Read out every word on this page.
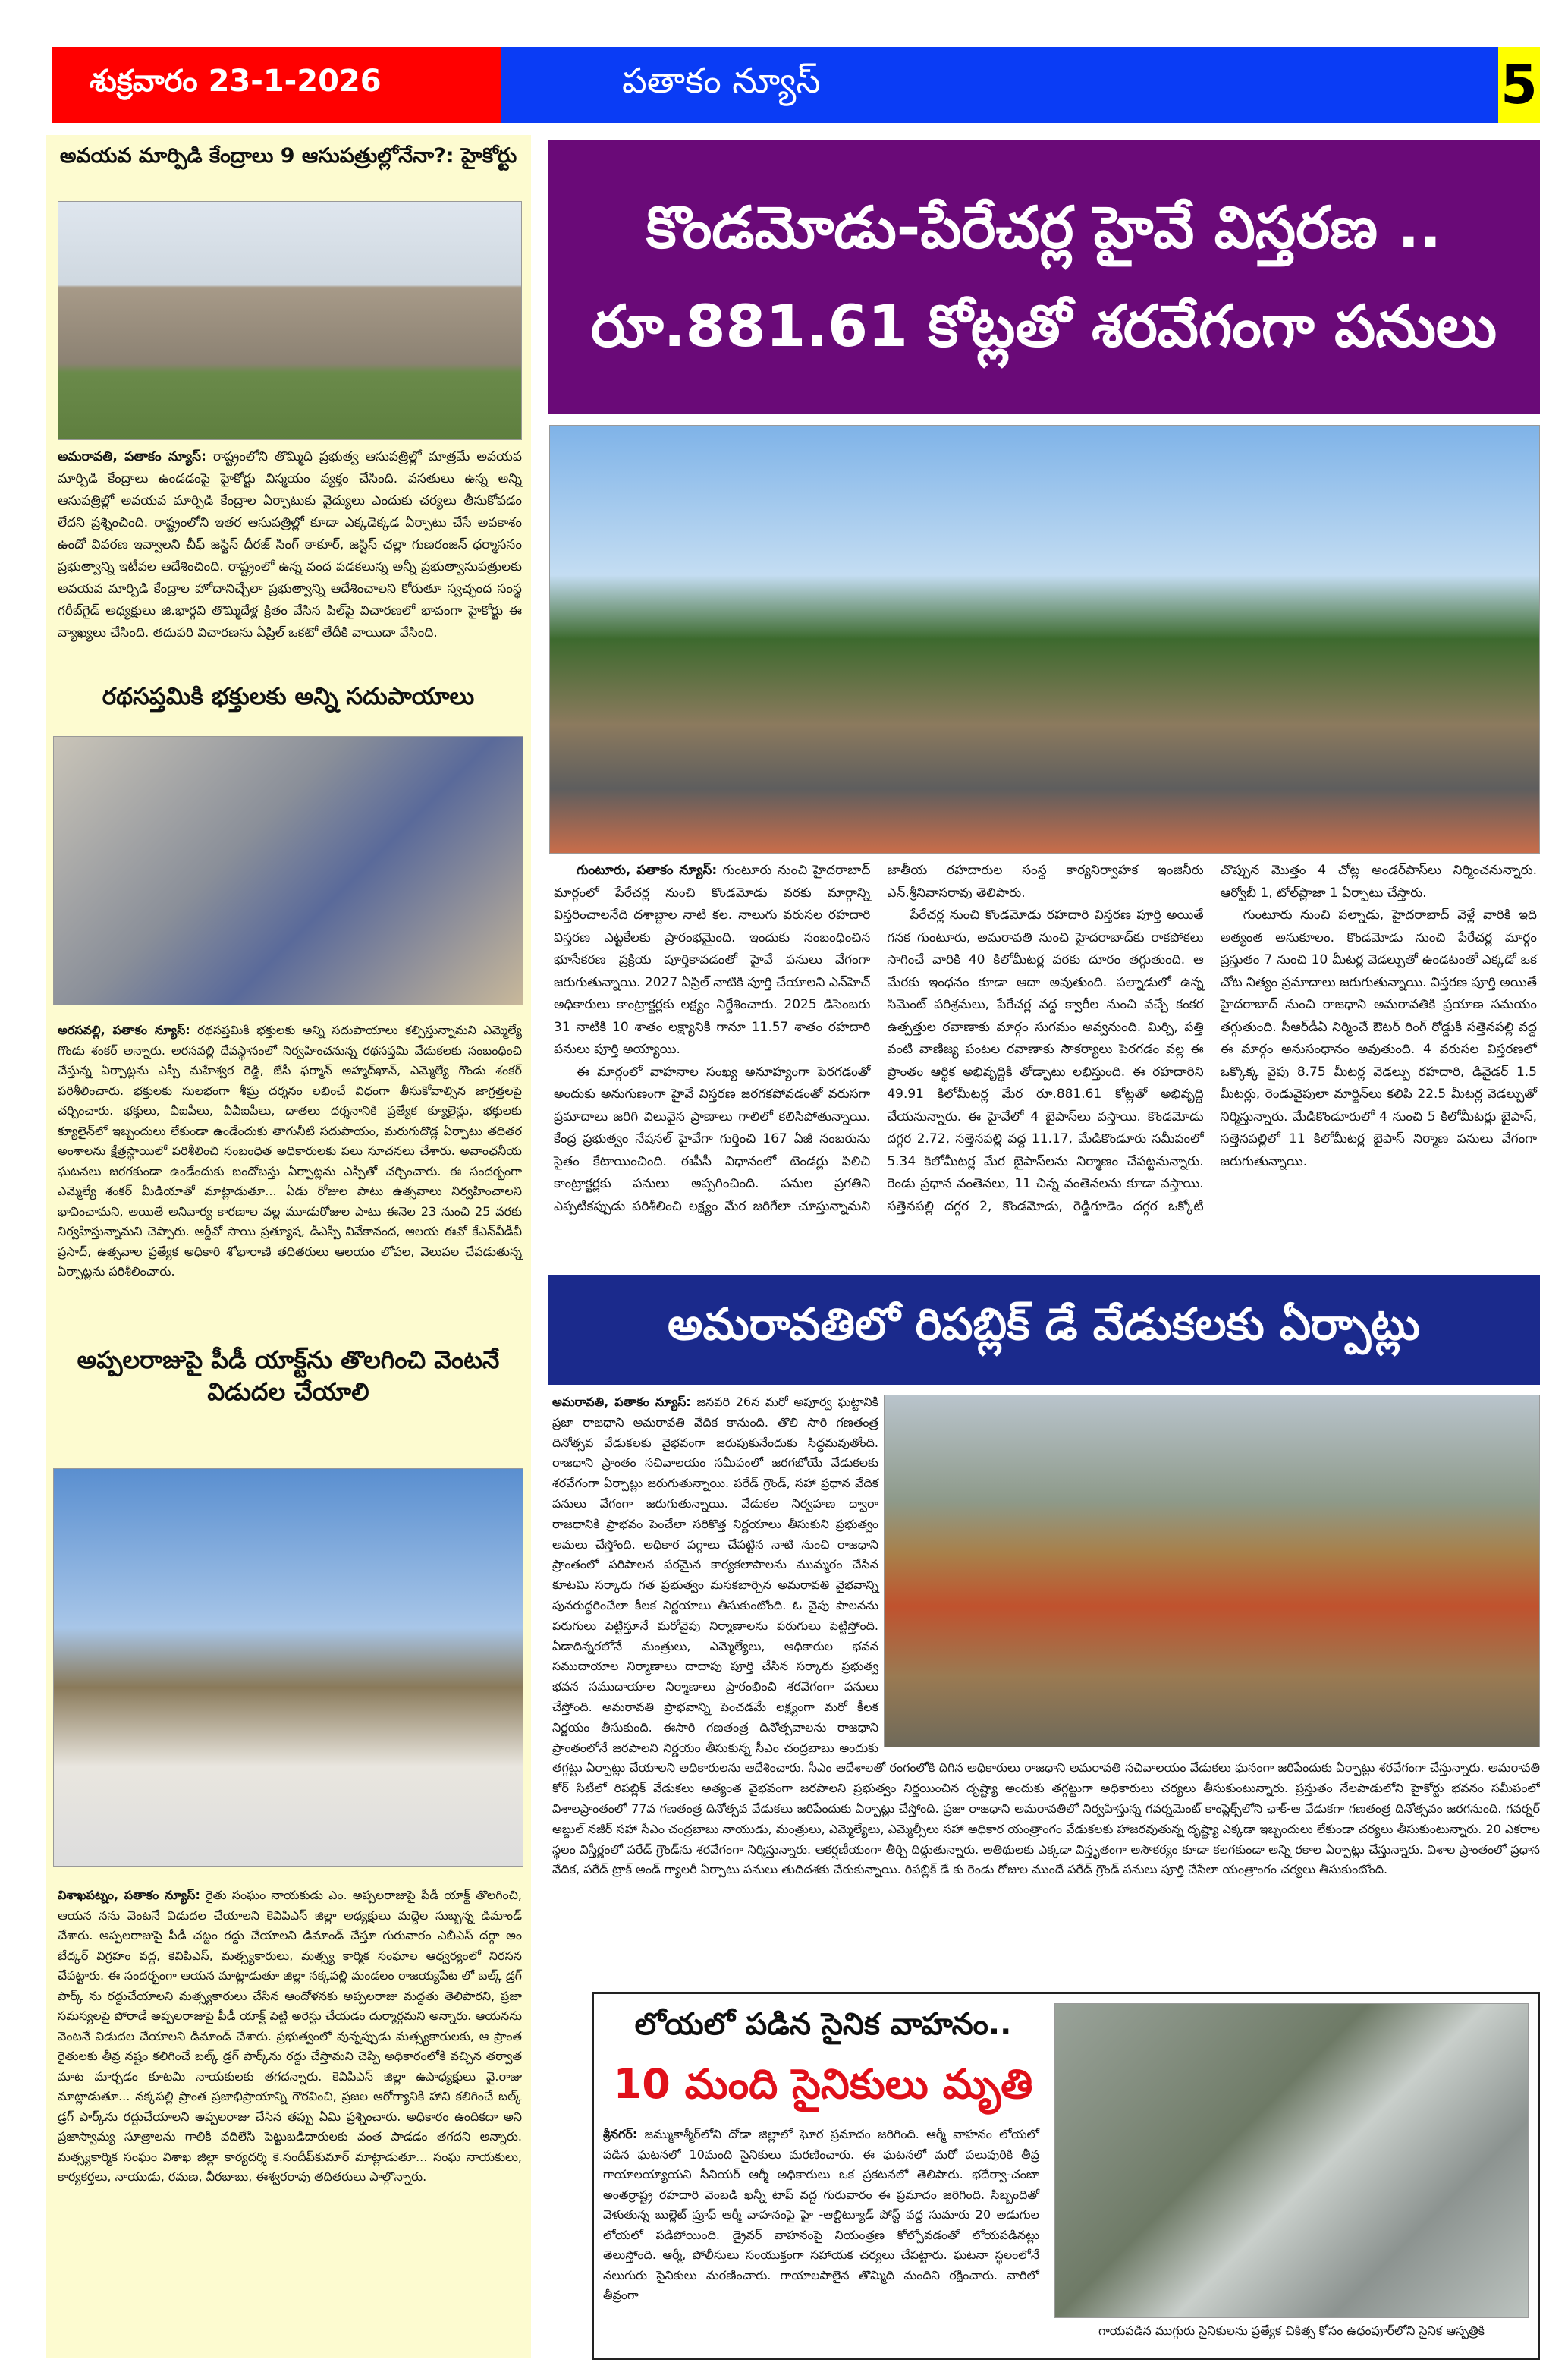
శుక్రవారం 23-1-2026	పతాకం న్యూస్	5
అవయవ మార్పిడి కేంద్రాలు 9 ఆసుపత్రుల్లోనేనా?: హైకోర్టు
అమరావతి, పతాకం న్యూస్: రాష్ట్రంలోని తొమ్మిది ప్రభుత్వ ఆసుపత్రిల్లో మాత్రమే అవయవ మార్పిడి కేంద్రాలు ఉండడంపై హైకోర్టు విస్మయం వ్యక్తం చేసింది. వసతులు ఉన్న అన్ని ఆసుపత్రిల్లో అవయవ మార్పిడి కేంద్రాల ఏర్పాటుకు వైద్యులు ఎందుకు చర్యలు తీసుకోవడం లేదని ప్రశ్నించింది. రాష్ట్రంలోని ఇతర ఆసుపత్రిల్లో కూడా ఎక్కడెక్కడ ఏర్పాటు చేసే అవకాశం ఉందో వివరణ ఇవ్వాలని చీఫ్ జస్టిస్ దీరజ్ సింగ్ ఠాకూర్, జస్టిస్ చల్లా గుణరంజన్ ధర్మాసనం ప్రభుత్వాన్ని ఇటీవల ఆదేశించింది. రాష్ట్రంలో ఉన్న వంద పడకలున్న అన్నీ ప్రభుత్వాసుపత్రులకు అవయవ మార్పిడి కేంద్రాల హోదానిచ్చేలా ప్రభుత్వాన్ని ఆదేశించాలని కోరుతూ స్వచ్ఛంద సంస్థ గరీబ్‌గైడ్ అధ్యక్షులు జి.భార్గవి తొమ్మిదేళ్ల క్రితం వేసిన పిల్‌పై విచారణలో భావంగా హైకోర్టు ఈ వ్యాఖ్యలు చేసింది. తదుపరి విచారణను ఏప్రిల్ ఒకటో తేదీకి వాయిదా వేసింది.
రథసప్తమికి భక్తులకు అన్ని సదుపాయాలు
అరసవల్లి, పతాకం న్యూస్: రథసప్తమికి భక్తులకు అన్ని సదుపాయాలు కల్పిస్తున్నామని ఎమ్మెల్యే గొండు శంకర్ అన్నారు. అరసవల్లి దేవస్థానంలో నిర్వహించనున్న రథసప్తమి వేడుకలకు సంబంధించి చేస్తున్న ఏర్పాట్లను ఎస్పీ మహేశ్వర రెడ్డి, జేసీ ఫర్మాన్ అహ్మద్‌ఖాన్, ఎమ్మెల్యే గొండు శంకర్ పరిశీలించారు. భక్తులకు సులభంగా శీఘ్ర దర్శనం లభించే విధంగా తీసుకోవాల్సిన జాగ్రత్తలపై చర్చించారు. భక్తులు, వీఐపీలు, వీవీఐపీలు, దాతలు దర్శనానికి ప్రత్యేక క్యూలైన్లు, భక్తులకు క్యూలైన్‌లో ఇబ్బందులు లేకుండా ఉండేందుకు తాగునీటి సదుపాయం, మరుగుదొడ్ల ఏర్పాటు తదితర అంశాలను క్షేత్రస్థాయిలో పరిశీలించి సంబంధిత అధికారులకు పలు సూచనలు చేశారు. అవాంఛనీయ ఘటనలు జరగకుండా ఉండేందుకు బందోబస్తు ఏర్పాట్లను ఎస్పీతో చర్చించారు. ఈ సందర్భంగా ఎమ్మెల్యే శంకర్ మీడియాతో మాట్లాడుతూ... ఏడు రోజుల పాటు ఉత్సవాలు నిర్వహించాలని భావించామని, అయితే అనివార్య కారణాల వల్ల మూడురోజుల పాటు ఈనెల 23 నుంచి 25 వరకు నిర్వహిస్తున్నామని చెప్పారు. ఆర్డీవో సాయి ప్రత్యూష, డీఎస్పీ వివేకానంద, ఆలయ ఈవో కేఎన్‌వీడీవీ ప్రసాద్, ఉత్సవాల ప్రత్యేక అధికారి శోభారాణి తదితరులు ఆలయం లోపల, వెలుపల చేపడుతున్న ఏర్పాట్లను పరిశీలించారు.
అప్పలరాజుపై పీడీ యాక్ట్‌ను తొలగించి వెంటనే విడుదల చేయాలి
విశాఖపట్నం, పతాకం న్యూస్: రైతు సంఘం నాయకుడు ఎం. అప్పలరాజుపై పీడీ యాక్ట్ తొలగించి, ఆయన నను వెంటనే విడుదల చేయాలని కెవిపిఎస్ జిల్లా అధ్యక్షులు మద్దెల సుబ్బన్న డిమాండ్ చేశారు. అప్పలరాజుపై పీడీ చట్టం రద్దు చేయాలని డిమాండ్ చేస్తూ గురువారం ఎబీఎస్ దర్గా అం బేద్కర్ విగ్రహం వద్ద, కెవిపిఎస్, మత్స్యకారులు, మత్స్య కార్మిక సంఘాల ఆధ్వర్యంలో నిరసన చేపట్టారు. ఈ సందర్భంగా ఆయన మాట్లాడుతూ జిల్లా నక్కపల్లి మండలం రాజయ్యపేట లో బల్క్ డ్రగ్ పార్క్ ను రద్దుచేయాలని మత్స్యకారులు చేసిన ఆందోళనకు అప్పలరాజు మద్దతు తెలిపారని, ప్రజా సమస్యలపై పోరాడే అప్పలరాజుపై పీడీ యాక్ట్ పెట్టి అరెస్టు చేయడం దుర్మార్గమని అన్నారు. ఆయనను వెంటనే విడుదల చేయాలని డిమాండ్ చేశారు. ప్రభుత్వంలో వున్నప్పుడు మత్స్యకారులకు, ఆ ప్రాంత రైతులకు తీవ్ర నష్టం కలిగించే బల్క్ డ్రగ్ పార్క్‌ను రద్దు చేస్తామని చెప్పి అధికారంలోకి వచ్చిన తర్వాత మాట మార్చడం కూటమి నాయకులకు తగదన్నారు. కెవిపిఎస్ జిల్లా ఉపాధ్యక్షులు వై.రాజు మాట్లాడుతూ... నక్కపల్లి ప్రాంత ప్రజాభిప్రాయాన్ని గౌరవించి, ప్రజల ఆరోగ్యానికి హాని కలిగించే బల్క్ డ్రగ్ పార్క్‌ను రద్దుచేయాలని అప్పలరాజు చేసిన తప్పు ఏమి ప్రశ్నించారు. అధికారం ఉందికదా అని ప్రజాస్వామ్య సూత్రాలను గాలికి వదిలేసి పెట్టుబడిదారులకు వంత పాడడం తగదని అన్నారు. మత్స్యకార్మిక సంఘం విశాఖ జిల్లా కార్యదర్శి కె.సందీప్‌కుమార్ మాట్లాడుతూ... సంఘ నాయకులు, కార్యకర్తలు, నాయుడు, రమణ, వీరబాబు, ఈశ్వరరావు తదితరులు పాల్గొన్నారు.
కొండమోడు-పేరేచర్ల హైవే విస్తరణ ..
రూ.881.61 కోట్లతో శరవేగంగా పనులు

గుంటూరు, పతాకం న్యూస్: గుంటూరు నుంచి హైదరాబాద్ మార్గంలో పేరేచర్ల నుంచి కొండమోడు వరకు మార్గాన్ని విస్తరించాలనేది దశాబ్దాల నాటి కల. నాలుగు వరుసల రహదారి విస్తరణ ఎట్టకేలకు ప్రారంభమైంది. ఇందుకు సంబంధించిన భూసేకరణ ప్రక్రియ పూర్తికావడంతో హైవే పనులు వేగంగా జరుగుతున్నాయి. 2027 ఏప్రిల్ నాటికి పూర్తి చేయాలని ఎన్‌హెచ్ అధికారులు కాంట్రాక్టర్లకు లక్ష్యం నిర్దేశించారు. 2025 డిసెంబరు 31 నాటికి 10 శాతం లక్ష్యానికి గానూ 11.57 శాతం రహదారి పనులు పూర్తి అయ్యాయి.

ఈ మార్గంలో వాహనాల సంఖ్య అనూహ్యంగా పెరగడంతో అందుకు అనుగుణంగా హైవే విస్తరణ జరగకపోవడంతో వరుసగా ప్రమాదాలు జరిగి విలువైన ప్రాణాలు గాలిలో కలిసిపోతున్నాయి. కేంద్ర ప్రభుత్వం నేషనల్ హైవేగా గుర్తించి 167 ఏజీ నంబరును సైతం కేటాయించింది. ఈపీసీ విధానంలో టెండర్లు పిలిచి కాంట్రాక్టర్లకు పనులు అప్పగించింది. పనుల ప్రగతిని ఎప్పటికప్పుడు పరిశీలించి లక్ష్యం మేర జరిగేలా చూస్తున్నామని జాతీయ రహదారుల సంస్థ కార్యనిర్వాహక ఇంజినీరు ఎన్.శ్రీనివాసరావు తెలిపారు.

పేరేచర్ల నుంచి కొండమోడు రహదారి విస్తరణ పూర్తి అయితే గనక గుంటూరు, అమరావతి నుంచి హైదరాబాద్‌కు రాకపోకలు సాగించే వారికి 40 కిలోమీటర్ల వరకు దూరం తగ్గుతుంది. ఆ మేరకు ఇంధనం కూడా ఆదా అవుతుంది. పల్నాడులో ఉన్న సిమెంట్ పరిశ్రమలు, పేరేచర్ల వద్ద క్వారీల నుంచి వచ్చే కంకర ఉత్పత్తుల రవాణాకు మార్గం సుగమం అవ్వనుంది. మిర్చి, పత్తి వంటి వాణిజ్య పంటల రవాణాకు సౌకర్యాలు పెరగడం వల్ల ఈ ప్రాంతం ఆర్థిక అభివృద్ధికి తోడ్పాటు లభిస్తుంది. ఈ రహదారిని 49.91 కిలోమీటర్ల మేర రూ.881.61 కోట్లతో అభివృద్ధి చేయనున్నారు. ఈ హైవేలో 4 బైపాస్‌లు వస్తాయి. కొండమోడు దగ్గర 2.72, సత్తెనపల్లి వద్ద 11.17, మేడికొండూరు సమీపంలో 5.34 కిలోమీటర్ల మేర బైపాస్‌లను నిర్మాణం చేపట్టనున్నారు. రెండు ప్రధాన వంతెనలు, 11 చిన్న వంతెనలను కూడా వస్తాయి. సత్తెనపల్లి దగ్గర 2, కొండమోడు, రెడ్డిగూడెం దగ్గర ఒక్కోటి చొప్పున మొత్తం 4 చోట్ల అండర్‌పాస్‌లు నిర్మించనున్నారు. ఆర్వోబీ 1, టోల్‌ప్లాజా 1 ఏర్పాటు చేస్తారు.

గుంటూరు నుంచి పల్నాడు, హైదరాబాద్ వెళ్లే వారికి ఇది అత్యంత అనుకూలం. కొండమోడు నుంచి పేరేచర్ల మార్గం ప్రస్తుతం 7 నుంచి 10 మీటర్ల వెడల్పుతో ఉండటంతో ఎక్కడో ఒక చోట నిత్యం ప్రమాదాలు జరుగుతున్నాయి. విస్తరణ పూర్తి అయితే హైదరాబాద్ నుంచి రాజధాని అమరావతికి ప్రయాణ సమయం తగ్గుతుంది. సీఆర్‌డీఏ నిర్మించే ఔటర్ రింగ్ రోడ్డుకి సత్తెనపల్లి వద్ద ఈ మార్గం అనుసంధానం అవుతుంది. 4 వరుసల విస్తరణలో ఒక్కొక్క వైపు 8.75 మీటర్ల వెడల్పు రహదారి, డివైడర్ 1.5 మీటర్లు, రెండువైపులా మార్జిన్‌లు కలిపి 22.5 మీటర్ల వెడల్పుతో నిర్మిస్తున్నారు. మేడికొండూరులో 4 నుంచి 5 కిలోమీటర్లు బైపాస్, సత్తెనపల్లిలో 11 కిలోమీటర్ల బైపాస్ నిర్మాణ పనులు వేగంగా జరుగుతున్నాయి.

అమరావతిలో రిపబ్లిక్ డే వేడుకలకు ఏర్పాట్లు
అమరావతి, పతాకం న్యూస్: జనవరి 26న మరో అపూర్వ ఘట్టానికి ప్రజా రాజధాని అమరావతి వేదిక కానుంది. తొలి సారి గణతంత్ర దినోత్సవ వేడుకలకు వైభవంగా జరుపుకునేందుకు సిద్ధమవుతోంది. రాజధాని ప్రాంతం సచివాలయం సమీపంలో జరగబోయే వేడుకలకు శరవేగంగా ఏర్పాట్లు జరుగుతున్నాయి. పరేడ్ గ్రౌండ్, సహా ప్రధాన వేదిక పనులు వేగంగా జరుగుతున్నాయి. వేడుకల నిర్వహణ ద్వారా రాజధానికి ప్రాభవం పెంచేలా సరికొత్త నిర్ణయాలు తీసుకుని ప్రభుత్వం అమలు చేస్తోంది. అధికార పగ్గాలు చేపట్టిన నాటి నుంచి రాజధాని ప్రాంతంలో పరిపాలన పరమైన కార్యకలాపాలను ముమ్మరం చేసిన కూటమి సర్కారు గత ప్రభుత్వం మసకబార్చిన అమరావతి వైభవాన్ని పునరుద్ధరించేలా కీలక నిర్ణయాలు తీసుకుంటోంది. ఓ వైపు పాలనను పరుగులు పెట్టిస్తూనే మరోవైపు నిర్మాణాలను పరుగులు పెట్టిస్తోంది. ఏడాదిన్నరలోనే మంత్రులు, ఎమ్మెల్యేలు, అధికారుల భవన సముదాయాల నిర్మాణాలు దాదాపు పూర్తి చేసిన సర్కారు ప్రభుత్వ భవన సముదాయాల నిర్మాణాలు ప్రారంభించి శరవేగంగా పనులు చేస్తోంది. అమరావతి ప్రాభవాన్ని పెంచడమే లక్ష్యంగా మరో కీలక నిర్ణయం తీసుకుంది. ఈసారి గణతంత్ర దినోత్సవాలను రాజధాని ప్రాంతంలోనే జరపాలని నిర్ణయం తీసుకున్న సీఎం చంద్రబాబు అందుకు తగ్గట్టు ఏర్పాట్లు చేయాలని అధికారులను ఆదేశించారు. సీఎం ఆదేశాలతో రంగంలోకి దిగిన అధికారులు రాజధాని అమరావతి సచివాలయం వేడుకలు ఘనంగా జరిపేందుకు ఏర్పాట్లు శరవేగంగా చేస్తున్నారు. అమరావతి కోర్ సిటీలో రిపబ్లిక్ వేడుకలు అత్యంత వైభవంగా జరపాలని ప్రభుత్వం నిర్ణయించిన దృష్ట్యా అందుకు తగ్గట్టుగా అధికారులు చర్యలు తీసుకుంటున్నారు. ప్రస్తుతం నేలపాడులోని హైకోర్టు భవనం సమీపంలో విశాలప్రాంతంలో 77వ గణతంత్ర దినోత్సవ వేడుకలు జరిపేందుకు ఏర్పాట్లు చేస్తోంది. ప్రజా రాజధాని అమరావతిలో నిర్వహిస్తున్న గవర్నమెంట్ కాంప్లెక్స్‌లోని ఛాక్-ఆ వేడుకగా గణతంత్ర దినోత్సవం జరగనుంది. గవర్నర్ అబ్దుల్ నజీర్ సహా సీఎం చంద్రబాబు నాయుడు, మంత్రులు, ఎమ్మెల్యేలు, ఎమ్మెల్సీలు సహా అధికార యంత్రాంగం వేడుకలకు హాజరవుతున్న దృష్ట్యా ఎక్కడా ఇబ్బందులు లేకుండా చర్యలు తీసుకుంటున్నారు. 20 ఎకరాల స్థలం విస్తీర్ణంలో పరేడ్ గ్రౌండ్‌ను శరవేగంగా నిర్మిస్తున్నారు. ఆకర్షణీయంగా తీర్చి దిద్దుతున్నారు. అతిథులకు ఎక్కడా విస్తృతంగా అసౌకర్యం కూడా కలగకుండా అన్ని రకాల ఏర్పాట్లు చేస్తున్నారు. విశాల ప్రాంతంలో ప్రధాన వేదిక, పరేడ్ ట్రాక్ అండ్ గ్యాలరీ ఏర్పాటు పనులు తుదిదశకు చేరుకున్నాయి. రిపబ్లిక్ డే కు రెండు రోజుల ముందే పరేడ్ గ్రౌండ్ పనులు పూర్తి చేసేలా యంత్రాంగం చర్యలు తీసుకుంటోంది.
లోయలో పడిన సైనిక వాహనం..
10 మంది సైనికులు మృతి
శ్రీనగర్: జమ్ముకాశ్మీర్‌లోని దోడా జిల్లాలో ఘోర ప్రమాదం జరిగింది. ఆర్మీ వాహనం లోయలో పడిన ఘటనలో 10మంది సైనికులు మరణించారు. ఈ ఘటనలో మరో పలువురికి తీవ్ర గాయాలయ్యాయని సీనియర్ ఆర్మీ అధికారులు ఒక ప్రకటనలో తెలిపారు. భదేర్వా-చంబా అంతర్రాష్ట్ర రహదారి వెంబడి ఖన్నీ టాప్ వద్ద గురువారం ఈ ప్రమాదం జరిగింది. సిబ్బందితో వెళుతున్న బుల్లెట్ ప్రూఫ్ ఆర్మీ వాహనంపై హై -ఆల్టిట్యూడ్ పోస్ట్ వద్ద సుమారు 20 అడుగుల లోయలో పడిపోయింది. డ్రైవర్ వాహనంపై నియంత్రణ కోల్పోవడంతో లోయపడినట్లు తెలుస్తోంది. ఆర్మీ, పోలీసులు సంయుక్తంగా సహాయక చర్యలు చేపట్టారు. ఘటనా స్థలంలోనే నలుగురు సైనికులు మరణించారు. గాయాలపాలైన తొమ్మిది మందిని రక్షించారు. వారిలో తీవ్రంగా
గాయపడిన ముగ్గురు సైనికులను ప్రత్యేక చికిత్స కోసం ఉధంపూర్‌లోని సైనిక ఆస్పత్రికి
